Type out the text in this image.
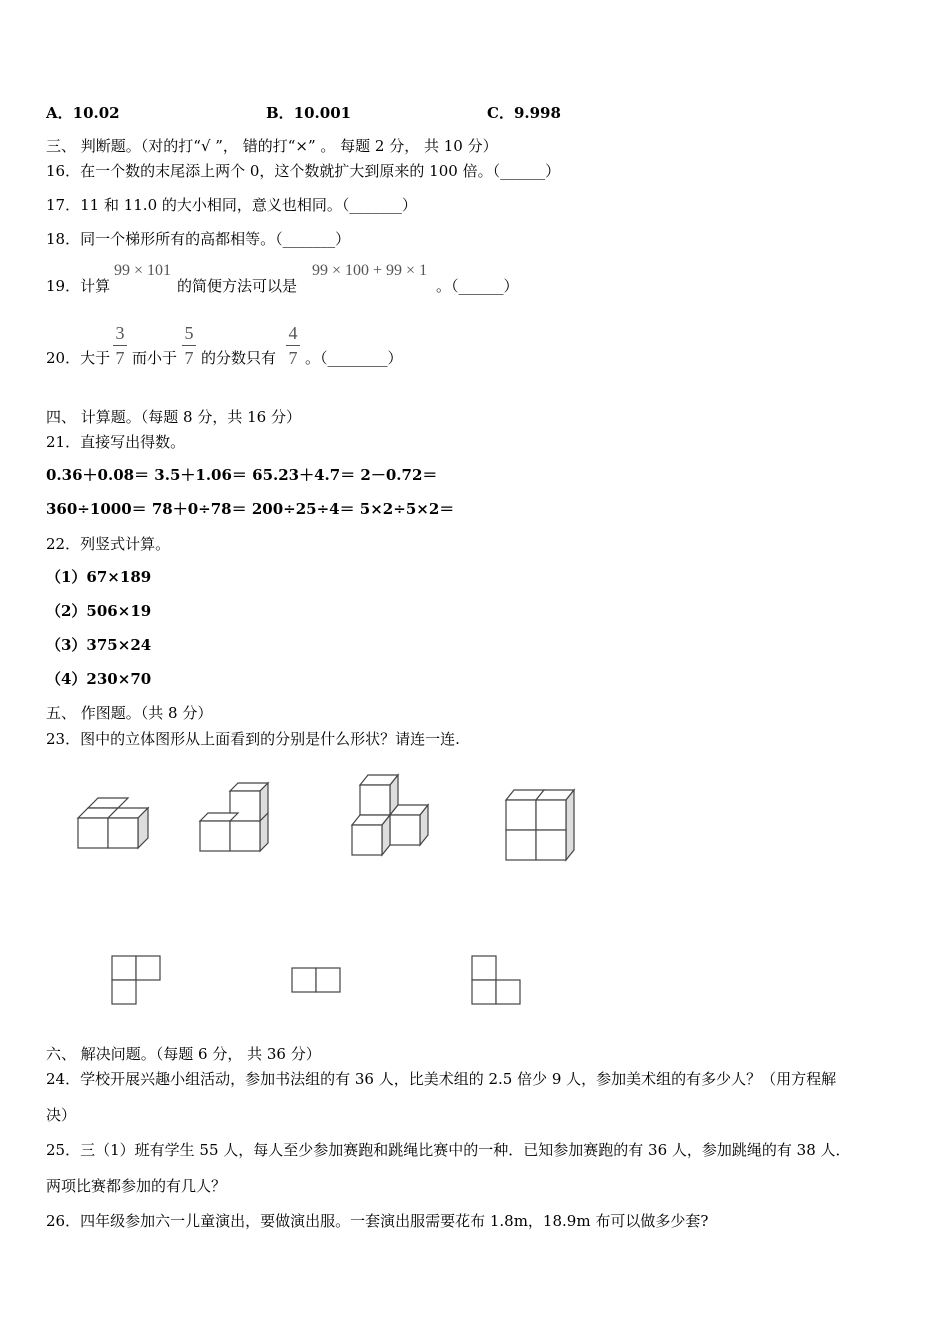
A．10.02	B．10.001	C．9.998
三、 判断题。（对的打“√ ”， 错的打“×” 。 每题 2 分， 共 10 分）
16．在一个数的末尾添上两个 0，这个数就扩大到原来的 100 倍。（______）
17．11 和 11.0 的大小相同，意义也相同。（_______）
18．同一个梯形所有的高都相等。（_______）
19．计算
99 × 101
的简便方法可以是
99 × 100 + 99 × 1
。（______）
20．大于
3
7 而小于
5
7 的分数只有
4
7 。（________）
四、 计算题。（每题 8 分，共 16 分）
21．直接写出得数。
0.36＋0.08＝ 3.5＋1.06＝ 65.23＋4.7＝ 2－0.72＝
360÷1000＝ 78＋0÷78＝ 200÷25÷4＝ 5×2÷5×2＝
22．列竖式计算。
（1）67×189
（2）506×19
（3）375×24
（4）230×70
五、 作图题。（共 8 分）
23．图中的立体图形从上面看到的分别是什么形状？请连一连.
六、 解决问题。（每题 6 分， 共 36 分）
24．学校开展兴趣小组活动，参加书法组的有 36 人，比美术组的 2.5 倍少 9 人，参加美术组的有多少人？（用方程解
决）
25．三（1）班有学生 55 人，每人至少参加赛跑和跳绳比赛中的一种．已知参加赛跑的有 36 人，参加跳绳的有 38 人．
两项比赛都参加的有几人？
26．四年级参加六一儿童演出，要做演出服。一套演出服需要花布 1.8m，18.9m 布可以做多少套?
